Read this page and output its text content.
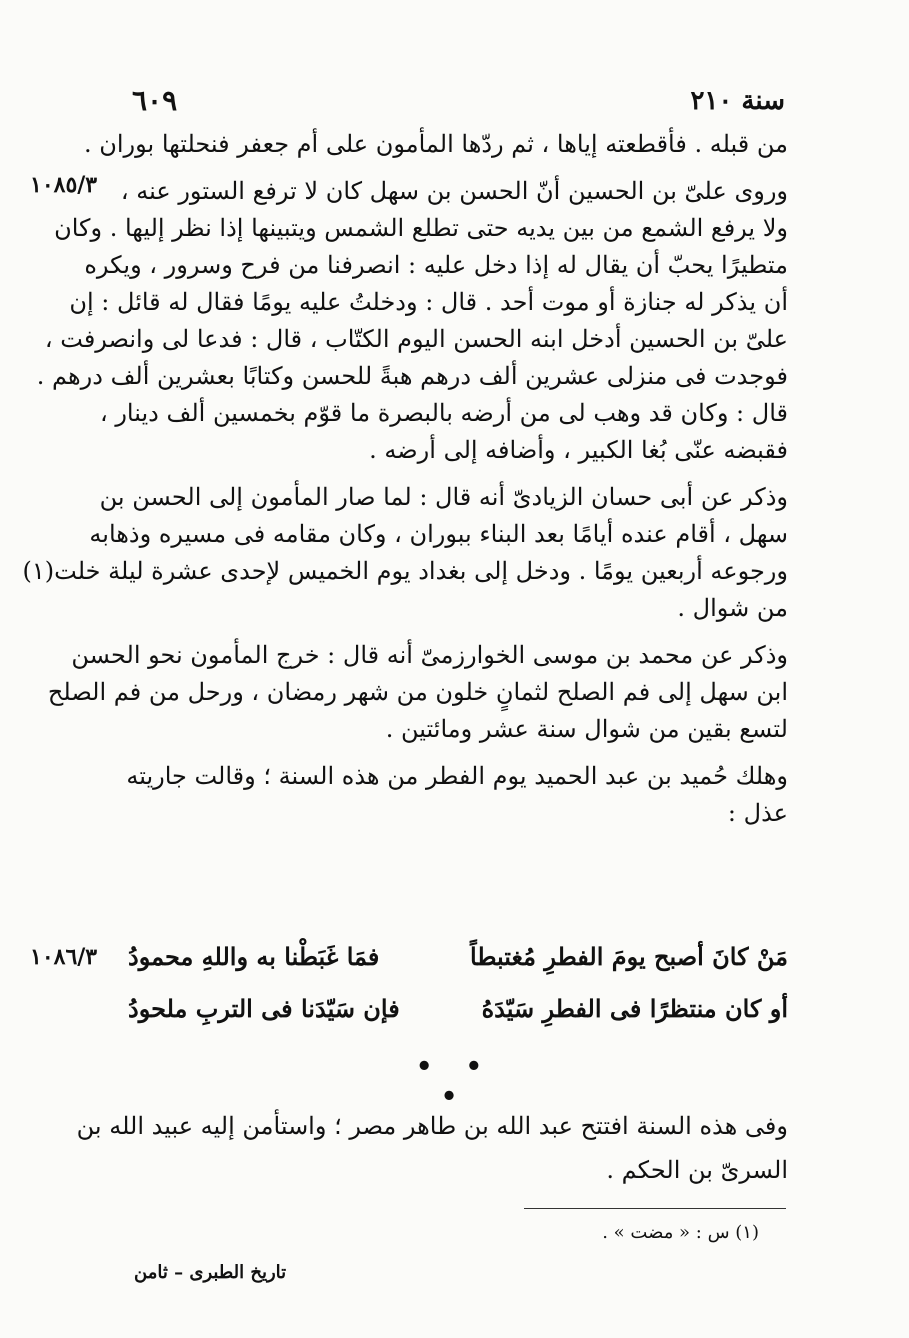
٦٠٩	سنة ٢١٠
١٠٨٥/٣
١٠٨٦/٣
من قبله . فأقطعته إياها ، ثم ردّها المأمون على أم جعفر فنحلتها بوران .
وروى علىّ بن الحسين أنّ الحسن بن سهل كان لا ترفع الستور عنه ،
ولا يرفع الشمع من بين يديه حتى تطلع الشمس ويتبينها إذا نظر إليها . وكان
متطيرًا يحبّ أن يقال له إذا دخل عليه : انصرفنا من فرح وسرور ، ويكره
أن يذكر له جنازة أو موت أحد . قال : ودخلتُ عليه يومًا فقال له قائل : إن
علىّ بن الحسين أدخل ابنه الحسن اليوم الكتّاب ، قال : فدعا لى وانصرفت ،
فوجدت فى منزلى عشرين ألف درهم هبةً للحسن وكتابًا بعشرين ألف درهم .
قال : وكان قد وهب لى من أرضه بالبصرة ما قوّم بخمسين ألف دينار ،
فقبضه عنّى بُغا الكبير ، وأضافه إلى أرضه .
وذكر عن أبى حسان الزيادىّ أنه قال : لما صار المأمون إلى الحسن بن
سهل ، أقام عنده أيامًا بعد البناء ببوران ، وكان مقامه فى مسيره وذهابه
ورجوعه أربعين يومًا . ودخل إلى بغداد يوم الخميس لإحدى عشرة ليلة خلت(١)
من شوال .
وذكر عن محمد بن موسى الخوارزمىّ أنه قال : خرج المأمون نحو الحسن
ابن سهل إلى فم الصلح لثمانٍ خلون من شهر رمضان ، ورحل من فم الصلح
لتسع بقين من شوال سنة عشر ومائتين .
وهلك حُميد بن عبد الحميد يوم الفطر من هذه السنة ؛ وقالت جاريته
عذل :
مَنْ كانَ أصبح يومَ الفطرِ مُغتبطاً
فمَا غَبَطْنا به واللهِ محمودُ
أو كان منتظرًا فى الفطرِ سَيّدَهُ
فإن سَيّدَنا فى التربِ ملحودُ
• • •
وفى هذه السنة افتتح عبد الله بن طاهر مصر ؛ واستأمن إليه عبيد الله بن
السرىّ بن الحكم .
(١) س : « مضت » .
تاريخ الطبرى – ثامن
